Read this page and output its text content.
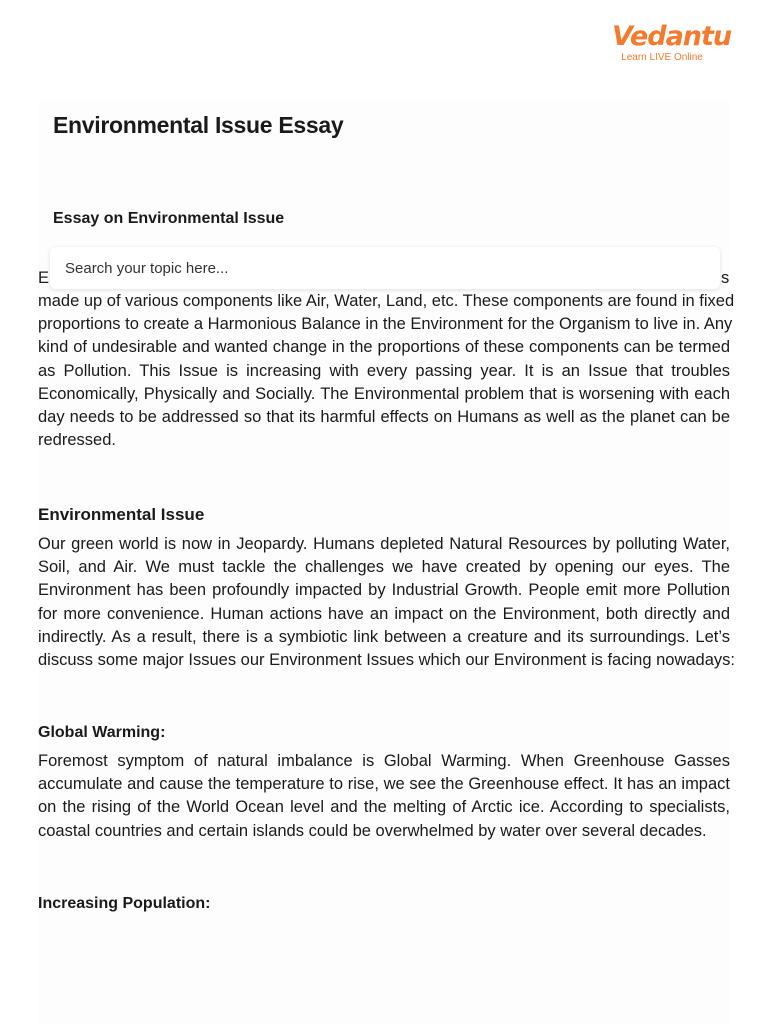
Vedantu
Learn LIVE Online
Environmental Issue Essay
Essay on Environmental Issue
Search your topic here...
E	s

made up of various components like Air, Water, Land, etc. These components are found in fixed
proportions to create a Harmonious Balance in the Environment for the Organism to live in. Any
kind of undesirable and wanted change in the proportions of these components can be termed
as Pollution. This Issue is increasing with every passing year. It is an Issue that troubles
Economically, Physically and Socially. The Environmental problem that is worsening with each
day needs to be addressed so that its harmful effects on Humans as well as the planet can be
redressed.

Environmental Issue

Our green world is now in Jeopardy. Humans depleted Natural Resources by polluting Water,
Soil, and Air. We must tackle the challenges we have created by opening our eyes. The
Environment has been profoundly impacted by Industrial Growth. People emit more Pollution
for more convenience. Human actions have an impact on the Environment, both directly and
indirectly. As a result, there is a symbiotic link between a creature and its surroundings. Let’s
discuss some major Issues our Environment Issues which our Environment is facing nowadays:

Global Warming:

Foremost symptom of natural imbalance is Global Warming. When Greenhouse Gasses
accumulate and cause the temperature to rise, we see the Greenhouse effect. It has an impact
on the rising of the World Ocean level and the melting of Arctic ice. According to specialists,
coastal countries and certain islands could be overwhelmed by water over several decades.

Increasing Population:
